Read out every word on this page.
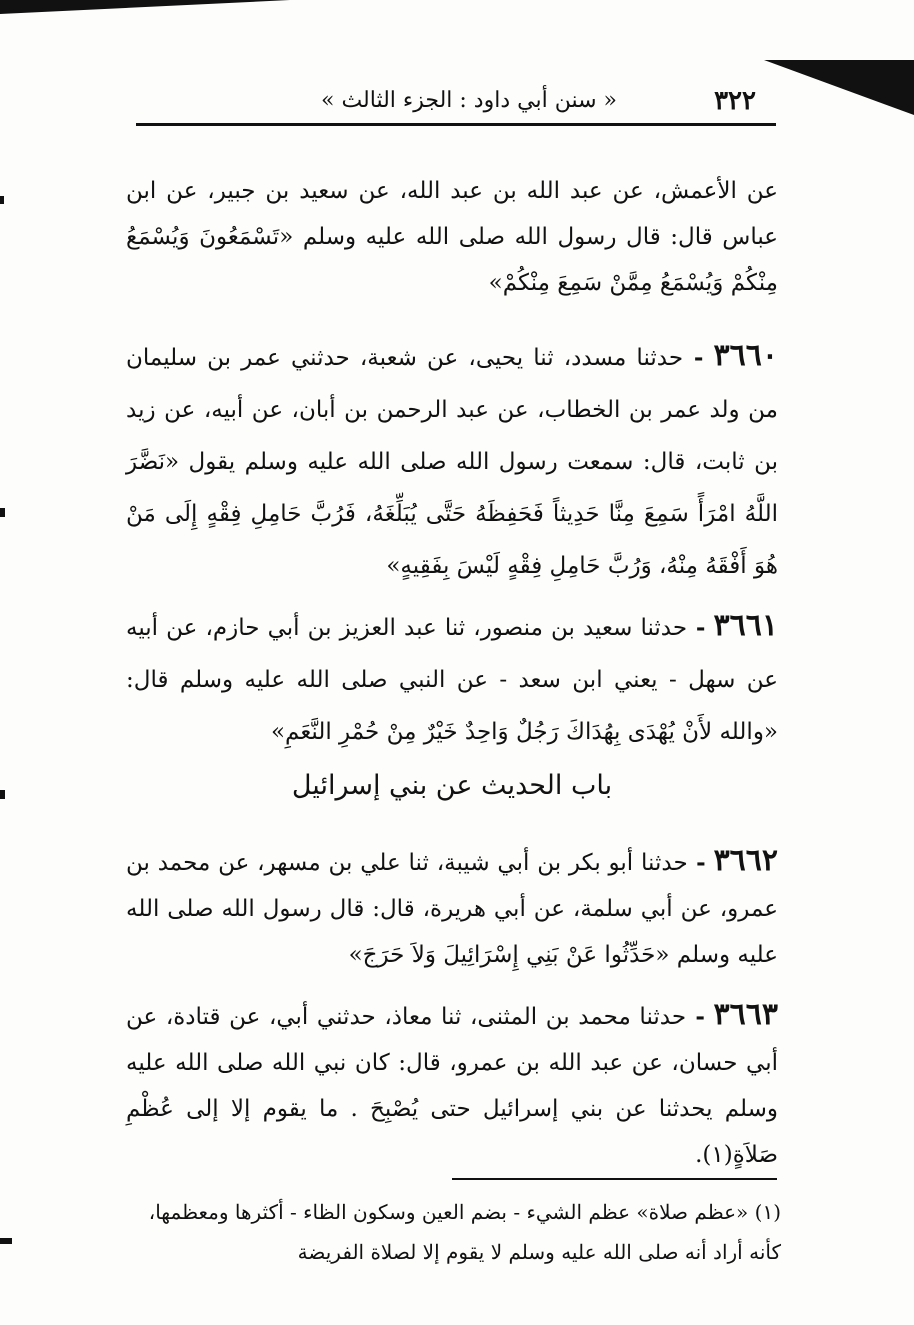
« سنن أبي داود : الجزء الثالث »	٣٢٢
عن الأعمش، عن عبد الله بن عبد الله، عن سعيد بن جبير، عن ابن عباس قال: قال رسول الله صلى الله عليه وسلم «تَسْمَعُونَ وَيُسْمَعُ مِنْكُمْ وَيُسْمَعُ مِمَّنْ سَمِعَ مِنْكُمْ»
٣٦٦٠ - حدثنا مسدد، ثنا يحيى، عن شعبة، حدثني عمر بن سليمان من ولد عمر بن الخطاب، عن عبد الرحمن بن أبان، عن أبيه، عن زيد بن ثابت، قال: سمعت رسول الله صلى الله عليه وسلم يقول «نَضَّرَ اللَّهُ امْرَأً سَمِعَ مِنَّا حَدِيثاً فَحَفِظَهُ حَتَّى يُبَلِّغَهُ، فَرُبَّ حَامِلِ فِقْهٍ إِلَى مَنْ هُوَ أَفْقَهُ مِنْهُ، وَرُبَّ حَامِلِ فِقْهٍ لَيْسَ بِفَقِيهٍ»
٣٦٦١ - حدثنا سعيد بن منصور، ثنا عبد العزيز بن أبي حازم، عن أبيه عن سهل - يعني ابن سعد - عن النبي صلى الله عليه وسلم قال: «والله لأَنْ يُهْدَى بِهُدَاكَ رَجُلٌ وَاحِدٌ خَيْرٌ مِنْ حُمْرِ النَّعَمِ»
باب الحديث عن بني إسرائيل
٣٦٦٢ - حدثنا أبو بكر بن أبي شيبة، ثنا علي بن مسهر، عن محمد بن عمرو، عن أبي سلمة، عن أبي هريرة، قال: قال رسول الله صلى الله عليه وسلم «حَدِّثُوا عَنْ بَنِي إِسْرَائِيلَ وَلاَ حَرَجَ»
٣٦٦٣ - حدثنا محمد بن المثنى، ثنا معاذ، حدثني أبي، عن قتادة، عن أبي حسان، عن عبد الله بن عمرو، قال: كان نبي الله صلى الله عليه وسلم يحدثنا عن بني إسرائيل حتى يُصْبِحَ . ما يقوم إلا إلى عُظْمِ صَلاَةٍ(١).
(١) «عظم صلاة» عظم الشيء - بضم العين وسكون الظاء - أكثرها ومعظمها،
كأنه أراد أنه صلى الله عليه وسلم لا يقوم إلا لصلاة الفريضة
